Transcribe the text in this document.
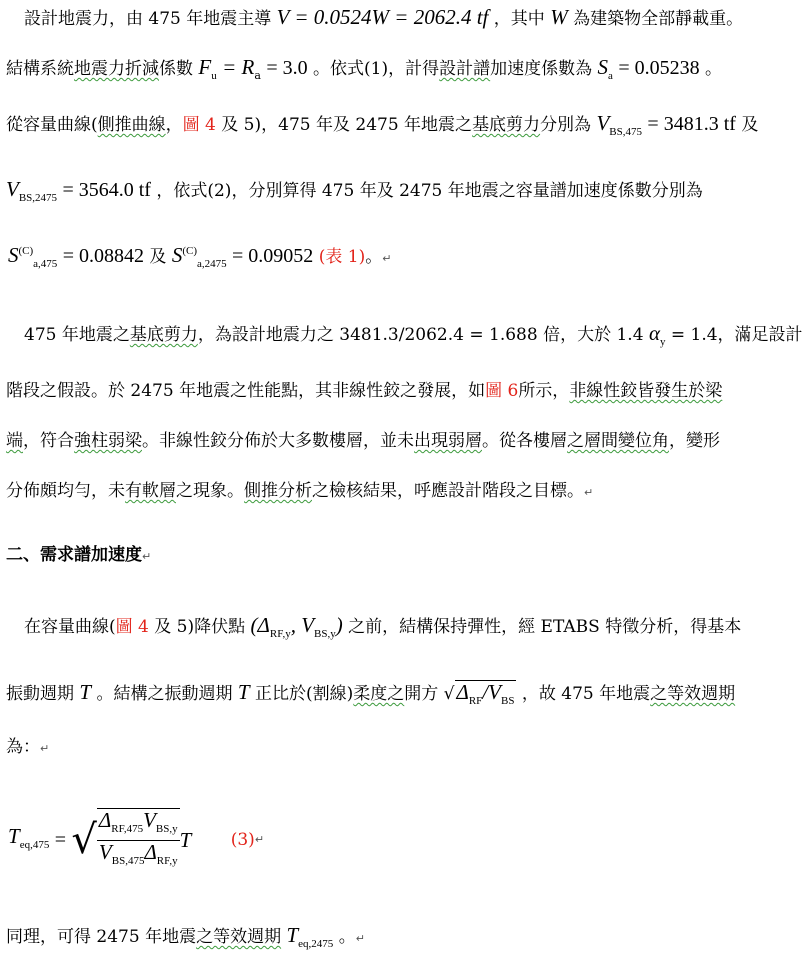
設計地震力，由 475 年地震主導 V = 0.0524W = 2062.4 tf ，其中 W 為建築物全部靜載重。
結構系統地震力折減係數 $F_u = R_a = 3.0$ 。依式(1)，計得設計譜加速度係數為 $S_a = 0.05238$ 。
從容量曲線(側推曲線，圖 4 及 5)，475 年及 2475 年地震之基底剪力分別為 $V_{BS,475} = 3481.3$ tf 及
$V_{BS,2475} = 3564.0$ tf ，依式(2)，分別算得 475 年及 2475 年地震之容量譜加速度係數分別為
$S^{(C)}_{a,475} = 0.08842$ 及 $S^{(C)}_{a,2475} = 0.09052$ (表 1)。↵
475 年地震之基底剪力，為設計地震力之 3481.3/2062.4 = 1.688 倍，大於 1.4 $\alpha_y = 1.4$，滿足設計
階段之假設。於 2475 年地震之性能點，其非線性鉸之發展，如圖 6所示，非線性鉸皆發生於梁
端，符合強柱弱梁。非線性鉸分佈於大多數樓層，並未出現弱層。從各樓層之層間變位角，變形
分佈頗均勻，未有軟層之現象。側推分析之檢核結果，呼應設計階段之目標。↵
二、需求譜加速度↵
在容量曲線(圖 4 及 5)降伏點 ($\Delta_{RF,y}$, $V_{BS,y}$) 之前，結構保持彈性，經 ETABS 特徵分析，得基本
振動週期 T 。結構之振動週期 T 正比於(割線)柔度之開方 $√\Delta_{RF}/V_{BS}$ ，故 475 年地震之等效週期
為：↵
$T_{eq,475}$ = √ $\frac{\Delta_{RF,475}V_{BS,y}}{V_{BS,475}\Delta_{RF,y}}$ T (3)↵
同理，可得 2475 年地震之等效週期 $T_{eq,2475}$ 。↵
